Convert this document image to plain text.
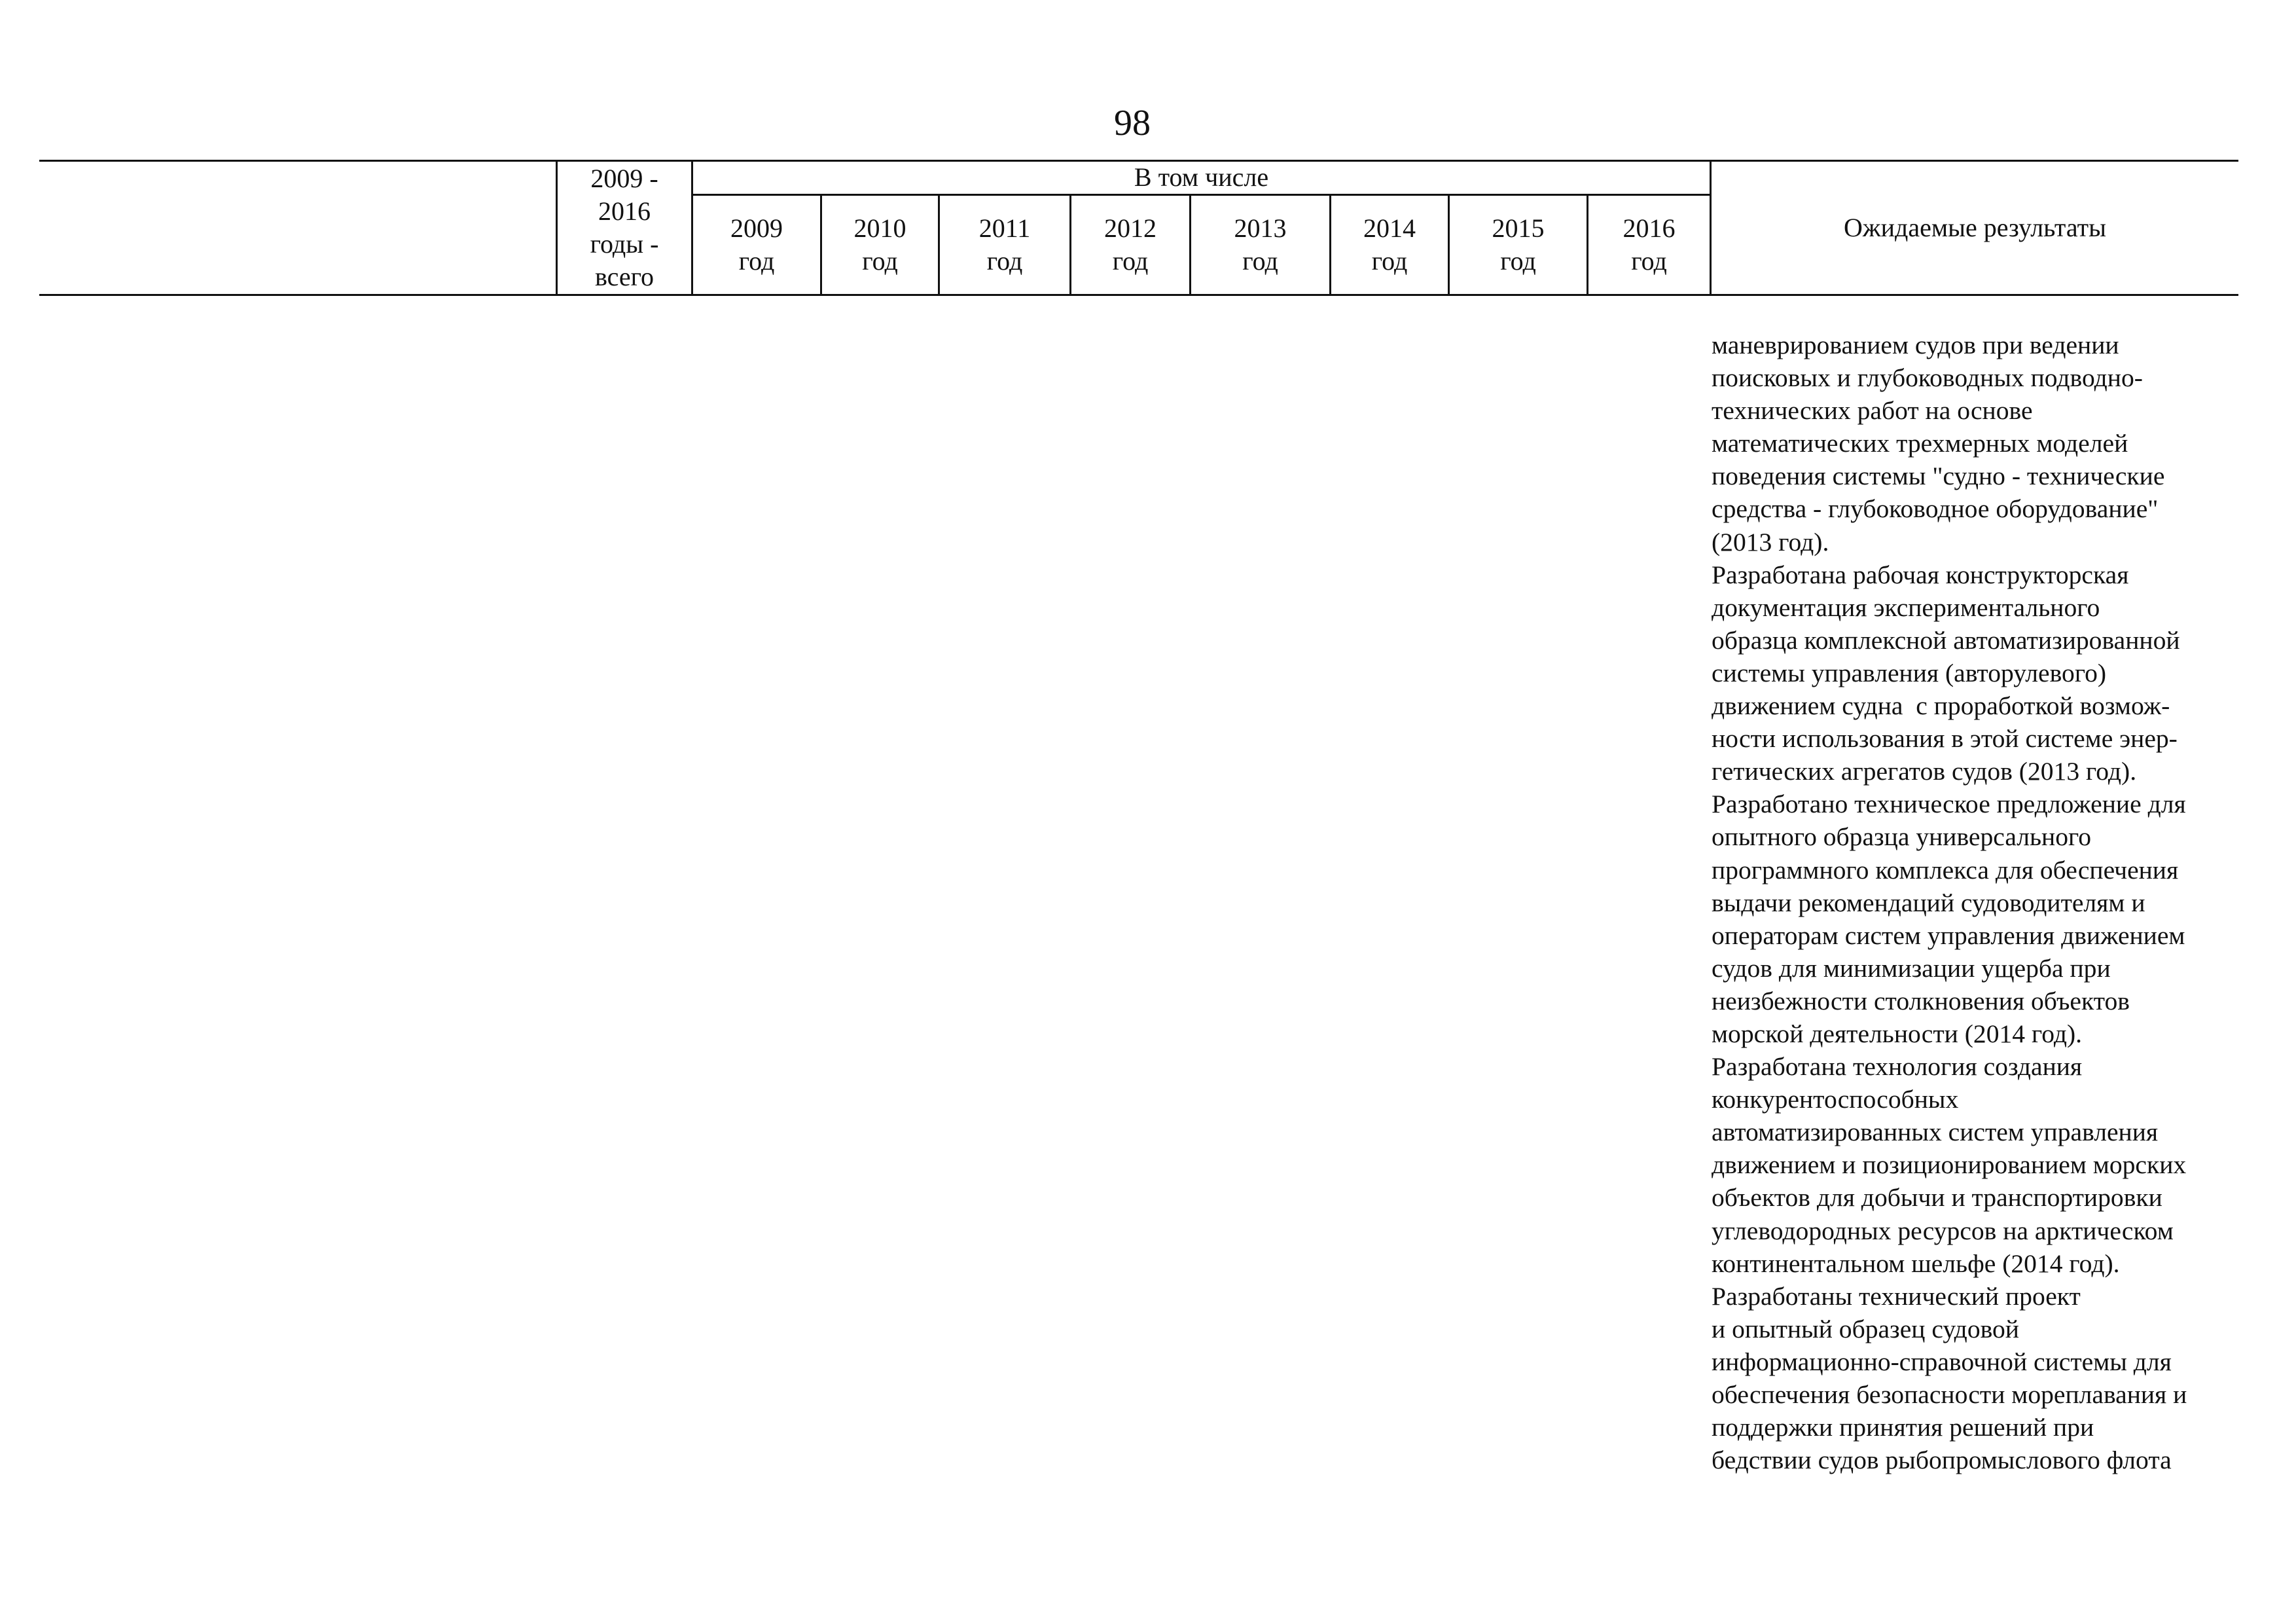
98
2009 -
2016
годы -
всего
В том числе
2009
год
2010
год
2011
год
2012
год
2013
год
2014
год
2015
год
2016
год
Ожидаемые результаты
маневрированием судов при ведении
поисковых и глубоководных подводно-
технических работ на основе
математических трехмерных моделей
поведения системы "судно - технические
средства - глубоководное оборудование"
(2013 год).
Разработана рабочая конструкторская
документация экспериментального
образца комплексной автоматизированной
системы управления (авторулевого)
движением судна  с проработкой возмож-
ности использования в этой системе энер-
гетических агрегатов судов (2013 год).
Разработано техническое предложение для
опытного образца универсального
программного комплекса для обеспечения
выдачи рекомендаций судоводителям и
операторам систем управления движением
судов для минимизации ущерба при
неизбежности столкновения объектов
морской деятельности (2014 год).
Разработана технология создания
конкурентоспособных
автоматизированных систем управления
движением и позиционированием морских
объектов для добычи и транспортировки
углеводородных ресурсов на арктическом
континентальном шельфе (2014 год).
Разработаны технический проект
и опытный образец судовой
информационно-справочной системы для
обеспечения безопасности мореплавания и
поддержки принятия решений при
бедствии судов рыбопромыслового флота
